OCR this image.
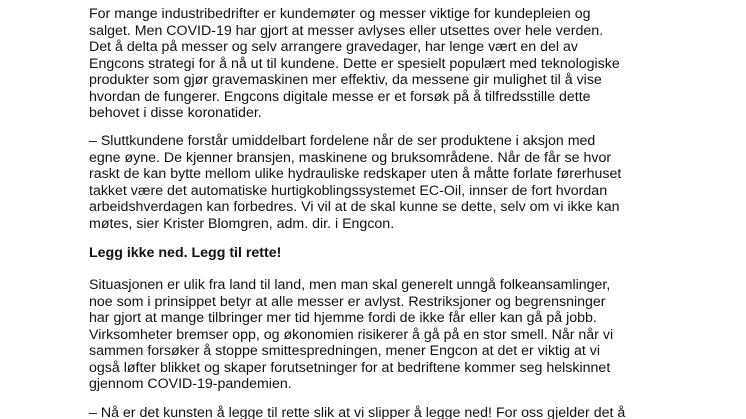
For mange industribedrifter er kundemøter og messer viktige for kundepleien og
salget. Men COVID-19 har gjort at messer avlyses eller utsettes over hele verden.
Det å delta på messer og selv arrangere gravedager, har lenge vært en del av
Engcons strategi for å nå ut til kundene. Dette er spesielt populært med teknologiske
produkter som gjør gravemaskinen mer effektiv, da messene gir mulighet til å vise
hvordan de fungerer. Engcons digitale messe er et forsøk på å tilfredsstille dette
behovet i disse koronatider.
– Sluttkundene forstår umiddelbart fordelene når de ser produktene i aksjon med
egne øyne. De kjenner bransjen, maskinene og bruksområdene. Når de får se hvor
raskt de kan bytte mellom ulike hydrauliske redskaper uten å måtte forlate førerhuset
takket være det automatiske hurtigkoblingssystemet EC-Oil, innser de fort hvordan
arbeidshverdagen kan forbedres. Vi vil at de skal kunne se dette, selv om vi ikke kan
møtes, sier Krister Blomgren, adm. dir. i Engcon.
Legg ikke ned. Legg til rette!
Situasjonen er ulik fra land til land, men man skal generelt unngå folkeansamlinger,
noe som i prinsippet betyr at alle messer er avlyst. Restriksjoner og begrensninger
har gjort at mange tilbringer mer tid hjemme fordi de ikke får eller kan gå på jobb.
Virksomheter bremser opp, og økonomien risikerer å gå på en stor smell. Når når vi
sammen forsøker å stoppe smittespredningen, mener Engcon at det er viktig at vi
også løfter blikket og skaper forutsetninger for at bedriftene kommer seg helskinnet
gjennom COVID-19-pandemien.
– Nå er det kunsten å legge til rette slik at vi slipper å legge ned! For oss gjelder det å
